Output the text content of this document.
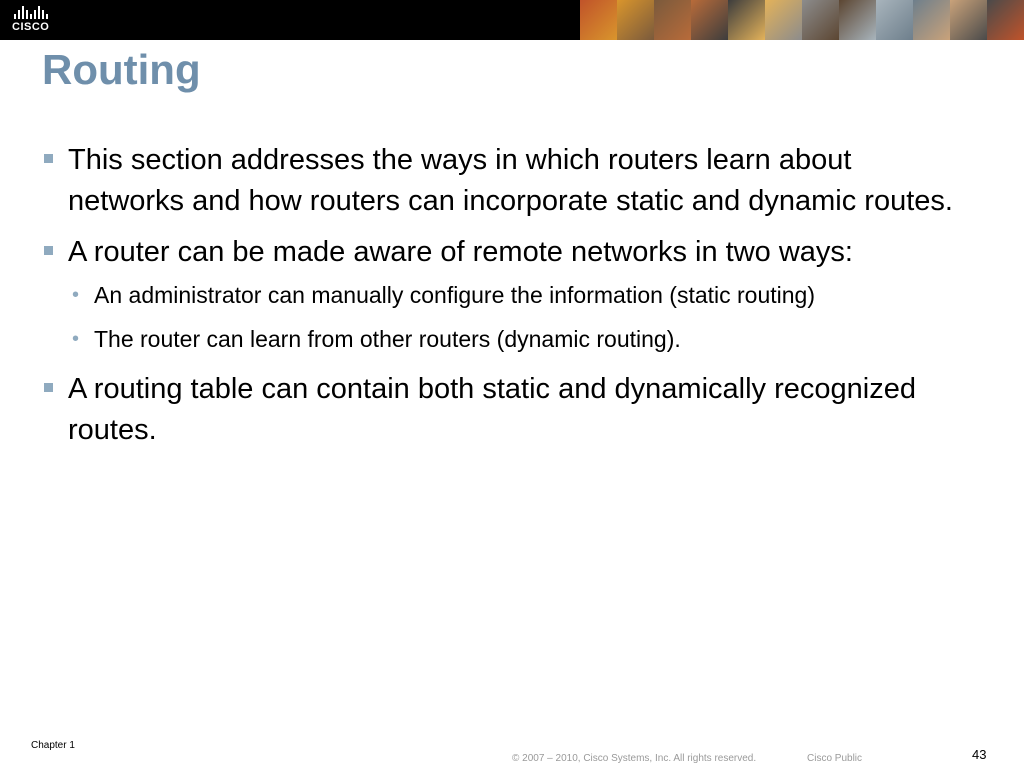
CISCO
Routing
This section addresses the ways in which routers learn about networks and how routers can incorporate static and dynamic routes.
A router can be made aware of remote networks in two ways:
• An administrator can manually configure the information (static routing)
• The router can learn from other routers (dynamic routing).
A routing table can contain both static and dynamically recognized routes.
Chapter 1
© 2007 – 2010, Cisco Systems, Inc. All rights reserved.	Cisco Public	43
